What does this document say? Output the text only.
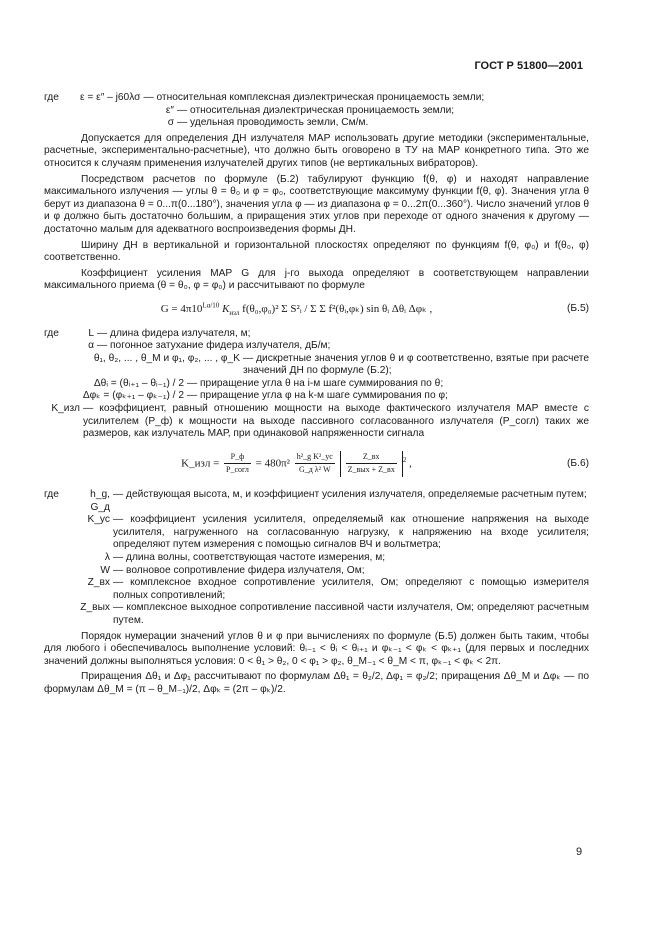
ГОСТ Р 51800—2001
где	ε = ε″ – j60λσ — относительная комплексная диэлектрическая проницаемость земли;
ε″ — относительная диэлектрическая проницаемость земли;
σ — удельная проводимость земли, См/м.

Допускается для определения ДН излучателя МАР использовать другие методики (экспериментальные, расчетные, экспериментально-расчетные), что должно быть оговорено в ТУ на МАР конкретного типа. Это же относится к случаям применения излучателей других типов (не вертикальных вибраторов).

Посредством расчетов по формуле (Б.2) табулируют функцию f(θ, φ) и находят направление максимального излучения — углы θ = θ₀ и φ = φ₀, соответствующие максимуму функции f(θ, φ). Значения угла θ берут из диапазона θ = 0...π(0...180°), значения угла φ — из диапазона φ = 0...2π(0...360°). Число значений углов θ и φ должно быть достаточно большим, а приращения этих углов при переходе от одного значения к другому — достаточно малым для адекватного воспроизведения формы ДН.

Ширину ДН в вертикальной и горизонтальной плоскостях определяют по функциям f(θ, φ₀) и f(θ₀, φ) соответственно.

Коэффициент усиления МАР G для j-го выхода определяют в соответствующем направлении максимального приема (θ = θ₀, φ = φ₀) и рассчитывают по формуле

$G = 4\pi 10^{L\alpha/10}$ $K_{изл}$ f(θ₀,φ₀)² Σ S²ᵢ / Σ Σ f²(θᵢ,φₖ) sin θᵢ Δθᵢ Δφₖ ,	(Б.5)
где	L — длина фидера излучателя, м;
α — погонное затухание фидера излучателя, дБ/м;
θ₁, θ₂, ... , θ_M и φ₁, φ₂, ... , φ_K — дискретные значения углов θ и φ соответственно, взятые при расчете значений ДН по формуле (Б.2);
Δθᵢ = (θᵢ₊₁ – θᵢ₋₁) / 2 — приращение угла θ на i-м шаге суммирования по θ;
Δφₖ = (φₖ₊₁ – φₖ₋₁) / 2 — приращение угла φ на k-м шаге суммирования по φ;
K_изл — коэффициент, равный отношению мощности на выходе фактического излучателя МАР вместе с усилителем (P_ф) к мощности на выходе пассивного согласованного излучателя (P_согл) таких же размеров, как излучатель МАР, при одинаковой напряженности сигнала
K_изл = $\frac{P\_ф}{\text{P\_согл}} = 480\pi^2 \frac{\text{h²\_g K²\_ус}}{\text{G\_д λ² W}}$
$\frac{Z\_вх}{\text{Z\_вых + Z\_вх}} ^2$ ,	(Б.6)
где	h_g, G_д
— действующая высота, м, и коэффициент усиления излучателя, определяемые расчетным путем;
K_ус — коэффициент усиления усилителя, определяемый как отношение напряжения на выходе усилителя, нагруженного на согласованную нагрузку, к напряжению на входе усилителя; определяют путем измерения с помощью сигналов ВЧ и вольтметра;
λ — длина волны, соответствующая частоте измерения, м;
W — волновое сопротивление фидера излучателя, Ом;
Z_вх — комплексное входное сопротивление усилителя, Ом; определяют с помощью измерителя полных сопротивлений;
Z_вых — комплексное выходное сопротивление пассивной части излучателя, Ом; определяют расчетным путем.

Порядок нумерации значений углов θ и φ при вычислениях по формуле (Б.5) должен быть таким, чтобы для любого i обеспечивалось выполнение условий: θᵢ₋₁ < θᵢ < θᵢ₊₁ и φₖ₋₁ < φₖ < φₖ₊₁ (для первых и последних значений должны выполняться условия: 0 < θ₁ > θ₂, 0 < φ₁ > φ₂, θ_M₋₁ < θ_M < π, φₖ₋₁ < φₖ < 2π.

Приращения Δθ₁ и Δφ₁ рассчитывают по формулам Δθ₁ = θ₂/2, Δφ₁ = φ₂/2; приращения Δθ_M и Δφₖ — по формулам Δθ_M = (π – θ_M₋₁)/2, Δφₖ = (2π – φₖ)/2.

9
